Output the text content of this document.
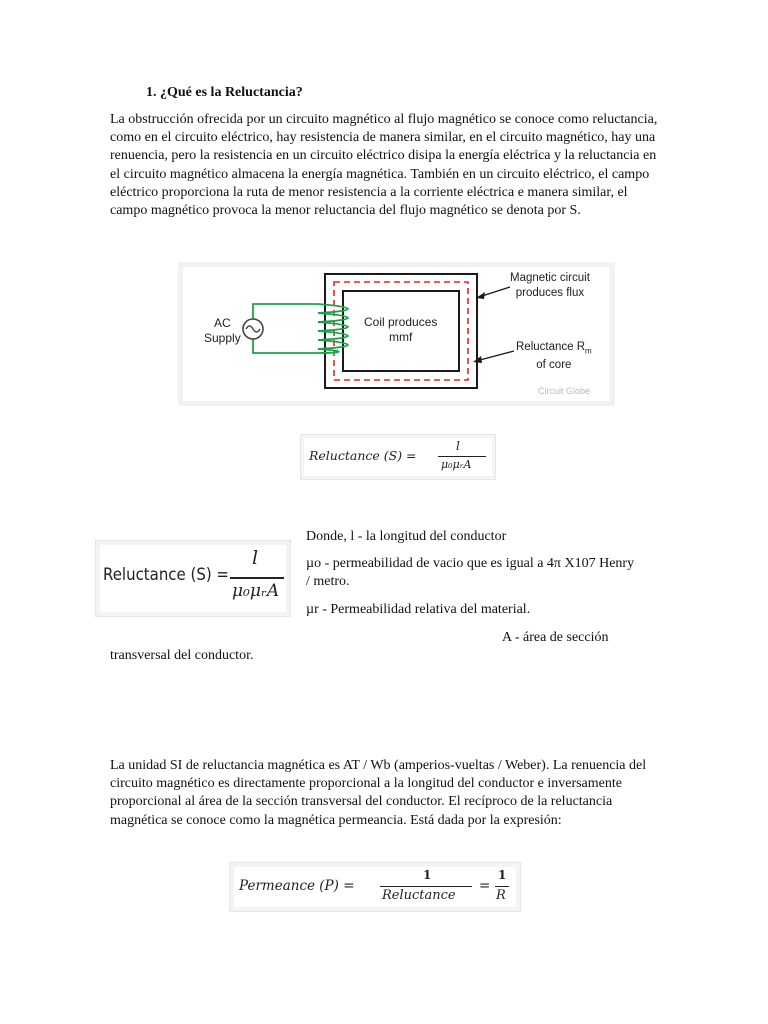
1. ¿Qué es la Reluctancia?
La obstrucción ofrecida por un circuito magnético al flujo magnético se conoce como reluctancia, como en el circuito eléctrico, hay resistencia de manera similar, en el circuito magnético, hay una renuencia, pero la resistencia en un circuito eléctrico disipa la energía eléctrica y la reluctancia en el circuito magnético almacena la energía magnética. También en un circuito eléctrico, el campo eléctrico proporciona la ruta de menor resistencia a la corriente eléctrica e manera similar, el campo magnético provoca la menor reluctancia del flujo magnético se denota por S.
AC
Supply
Coil produces
mmf
Magnetic circuit
produces flux
Reluctance $R_m$
of core
Circuit Globe
Reluctance (S) =
l
μ₀μᵣA
Reluctance (S) =
l
μ₀μᵣA
Donde, l - la longitud del conductor
µo - permeabilidad de vacio que es igual a 4π X107 Henry / metro.
µr - Permeabilidad relativa del material.
A - área de sección
transversal del conductor.
La unidad SI de reluctancia magnética es AT / Wb (amperios-vueltas / Weber). La renuencia del circuito magnético es directamente proporcional a la longitud del conductor e inversamente proporcional al área de la sección transversal del conductor. El recíproco de la reluctancia magnética se conoce como la magnética permeancia. Está dada por la expresión:
Permeance (P) =
1
Reluctance
=
1
R
